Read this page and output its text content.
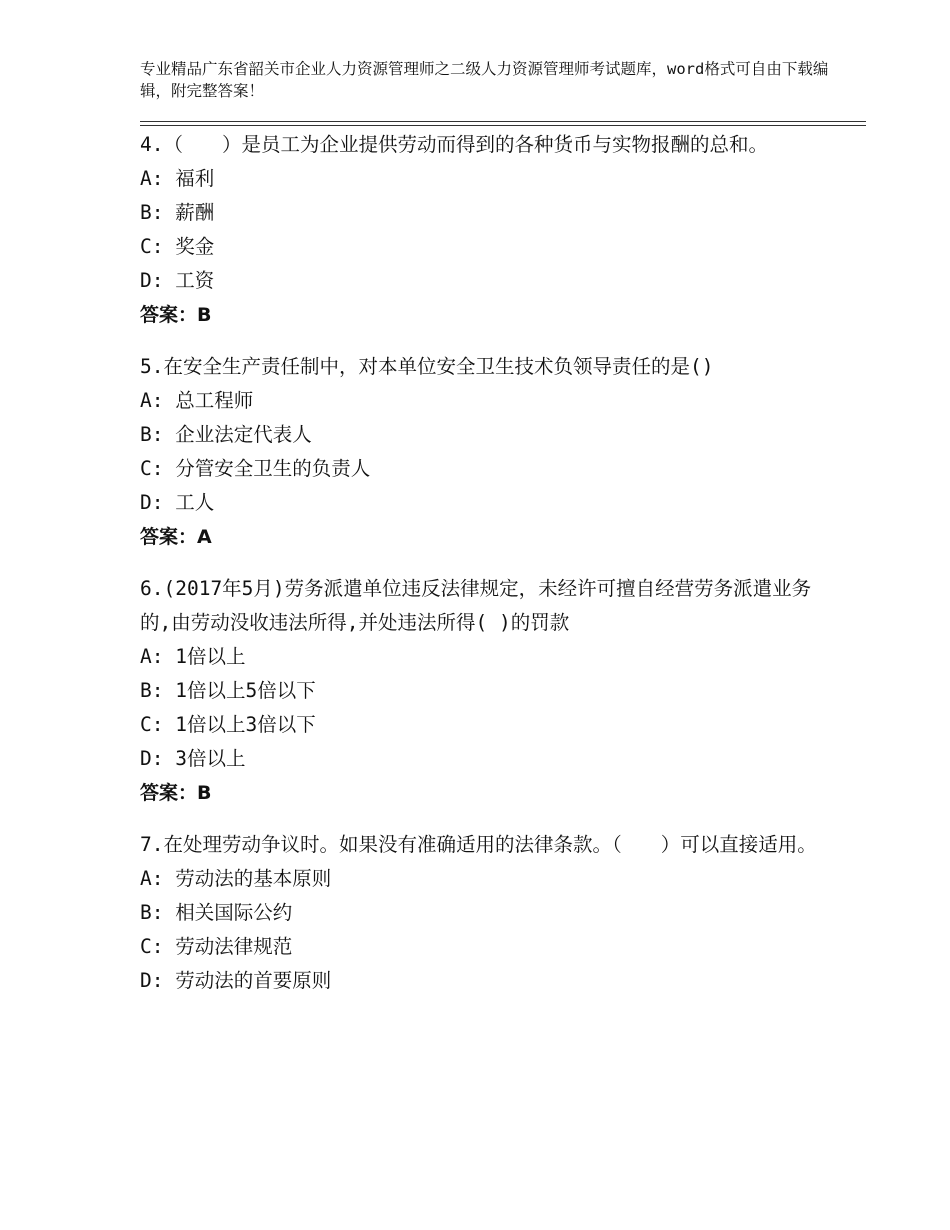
专业精品广东省韶关市企业人力资源管理师之二级人力资源管理师考试题库，word格式可自由下载编辑，附完整答案！

4.（　　）是员工为企业提供劳动而得到的各种货币与实物报酬的总和。

A: 福利

B: 薪酬

C: 奖金

D: 工资

答案：B

5.在安全生产责任制中，对本单位安全卫生技术负领导责任的是()

A: 总工程师

B: 企业法定代表人

C: 分管安全卫生的负责人

D: 工人

答案：A

6.(2017年5月)劳务派遣单位违反法律规定，未经许可擅自经营劳务派遣业务的,由劳动没收违法所得,并处违法所得( )的罚款

A: 1倍以上

B: 1倍以上5倍以下

C: 1倍以上3倍以下

D: 3倍以上

答案：B

7.在处理劳动争议时。如果没有准确适用的法律条款。（　　）可以直接适用。

A: 劳动法的基本原则

B: 相关国际公约

C: 劳动法律规范

D: 劳动法的首要原则
